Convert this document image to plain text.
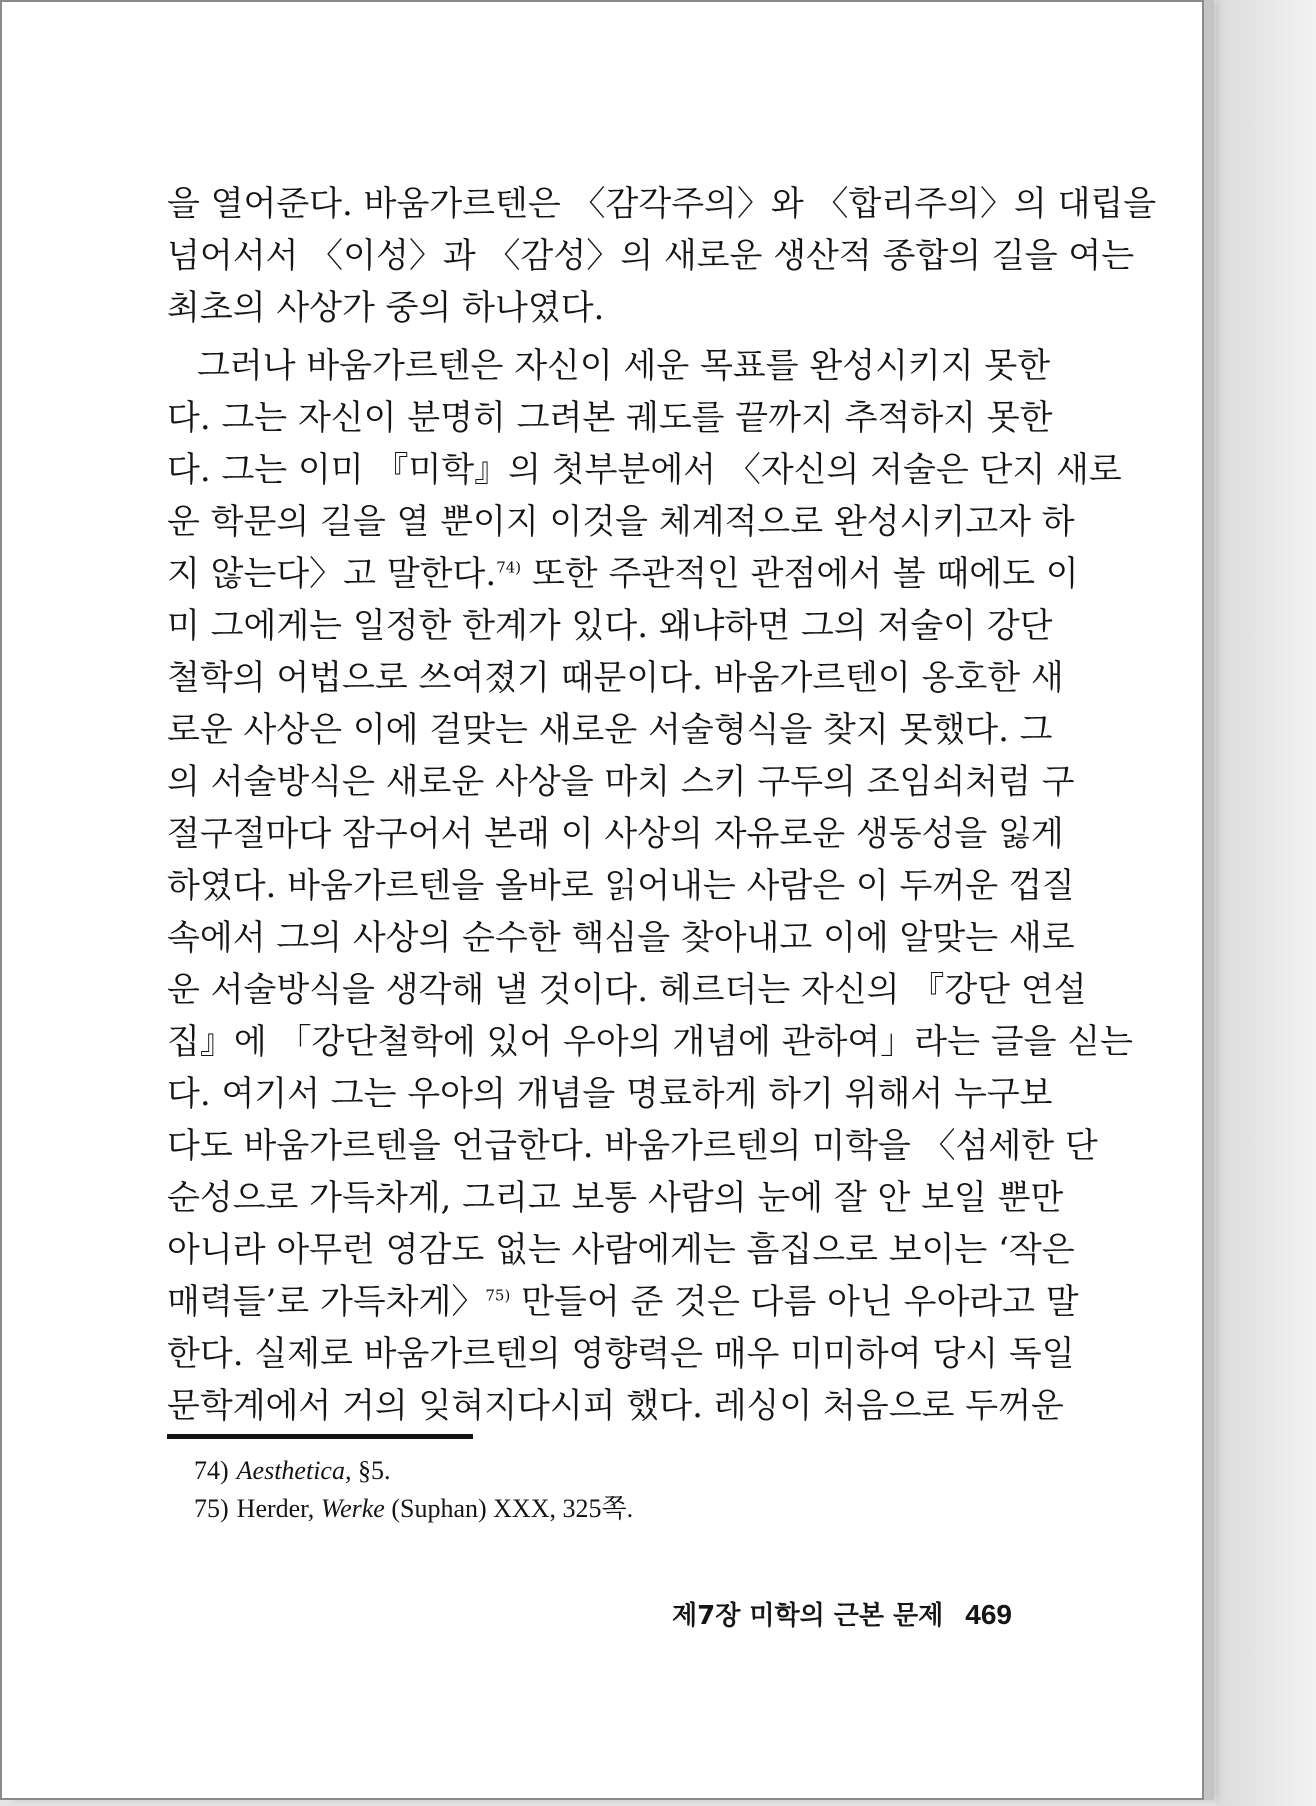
을 열어준다. 바움가르텐은 〈감각주의〉와 〈합리주의〉의 대립을
넘어서서 〈이성〉과 〈감성〉의 새로운 생산적 종합의 길을 여는
최초의 사상가 중의 하나였다.
그러나 바움가르텐은 자신이 세운 목표를 완성시키지 못한
다. 그는 자신이 분명히 그려본 궤도를 끝까지 추적하지 못한
다. 그는 이미 『미학』의 첫부분에서 〈자신의 저술은 단지 새로
운 학문의 길을 열 뿐이지 이것을 체계적으로 완성시키고자 하
지 않는다〉고 말한다.$^{74)}$ 또한 주관적인 관점에서 볼 때에도 이
미 그에게는 일정한 한계가 있다. 왜냐하면 그의 저술이 강단
철학의 어법으로 쓰여졌기 때문이다. 바움가르텐이 옹호한 새
로운 사상은 이에 걸맞는 새로운 서술형식을 찾지 못했다. 그
의 서술방식은 새로운 사상을 마치 스키 구두의 조임쇠처럼 구
절구절마다 잠구어서 본래 이 사상의 자유로운 생동성을 잃게
하였다. 바움가르텐을 올바로 읽어내는 사람은 이 두꺼운 껍질
속에서 그의 사상의 순수한 핵심을 찾아내고 이에 알맞는 새로
운 서술방식을 생각해 낼 것이다. 헤르더는 자신의 『강단 연설
집』에 「강단철학에 있어 우아의 개념에 관하여」라는 글을 싣는
다. 여기서 그는 우아의 개념을 명료하게 하기 위해서 누구보
다도 바움가르텐을 언급한다. 바움가르텐의 미학을 〈섬세한 단
순성으로 가득차게, 그리고 보통 사람의 눈에 잘 안 보일 뿐만
아니라 아무런 영감도 없는 사람에게는 흠집으로 보이는 ‘작은
매력들’로 가득차게〉$^{75)}$ 만들어 준 것은 다름 아닌 우아라고 말
한다. 실제로 바움가르텐의 영향력은 매우 미미하여 당시 독일
문학계에서 거의 잊혀지다시피 했다. 레싱이 처음으로 두꺼운
74) Aesthetica, §5.
75) Herder, Werke (Suphan) XXX, 325쪽.
제7장 미학의 근본 문제 469
